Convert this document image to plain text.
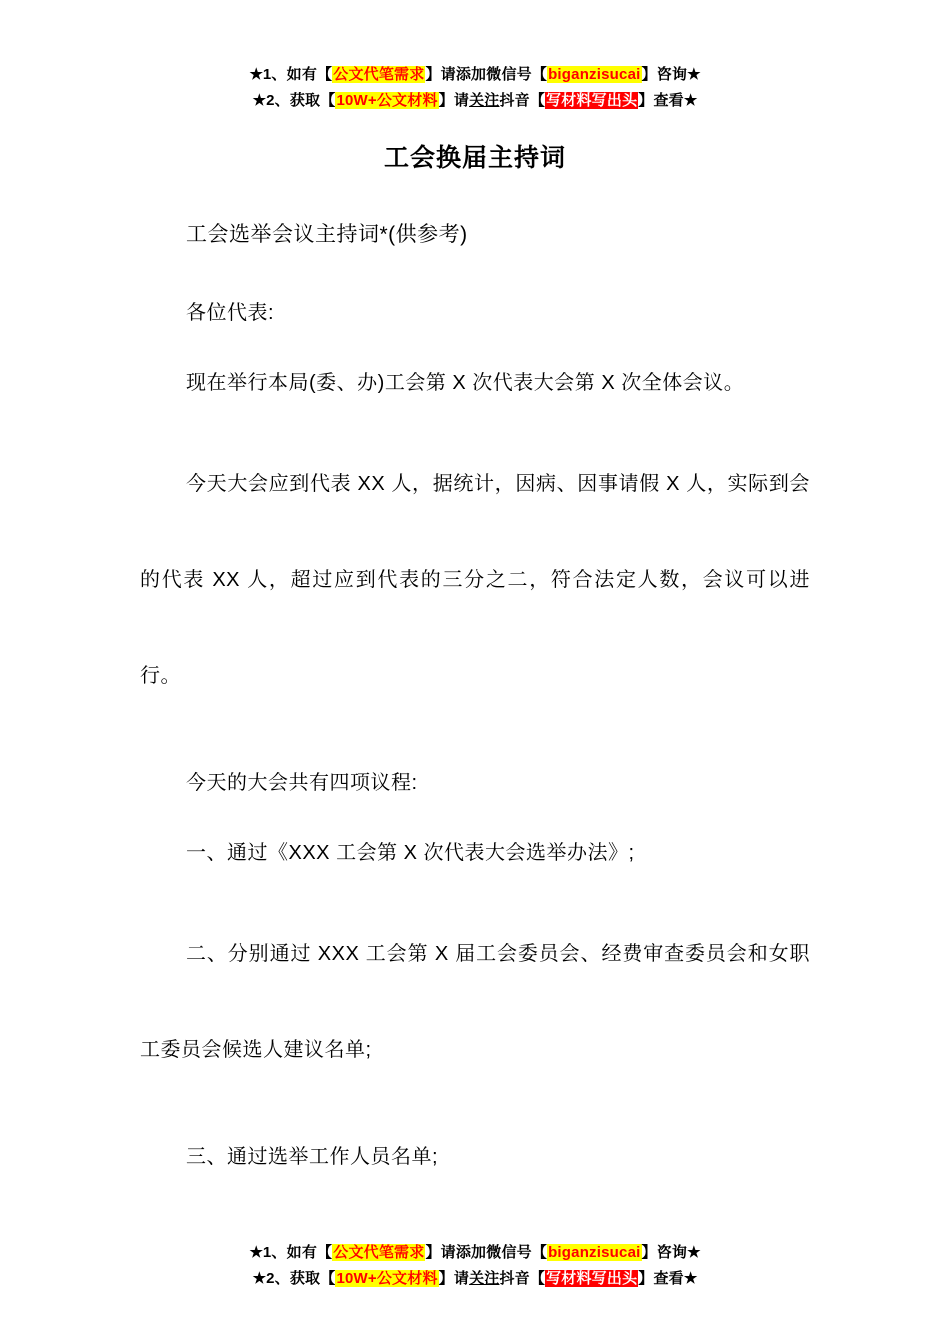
★1、如有【公文代笔需求】请添加微信号【biganzisucai】咨询★
★2、获取【10W+公文材料】请关注抖音【写材料写出头】查看★
工会换届主持词

工会选举会议主持词*(供参考)

各位代表:

现在举行本局(委、办)工会第 X 次代表大会第 X 次全体会议。

今天大会应到代表 XX 人，据统计，因病、因事请假 X 人，实际到会的代表 XX 人，超过应到代表的三分之二，符合法定人数，会议可以进行。

今天的大会共有四项议程:

一、通过《XXX 工会第 X 次代表大会选举办法》;

二、分别通过 XXX 工会第 X 届工会委员会、经费审查委员会和女职工委员会候选人建议名单;

三、通过选举工作人员名单;

★1、如有【公文代笔需求】请添加微信号【biganzisucai】咨询★
★2、获取【10W+公文材料】请关注抖音【写材料写出头】查看★
